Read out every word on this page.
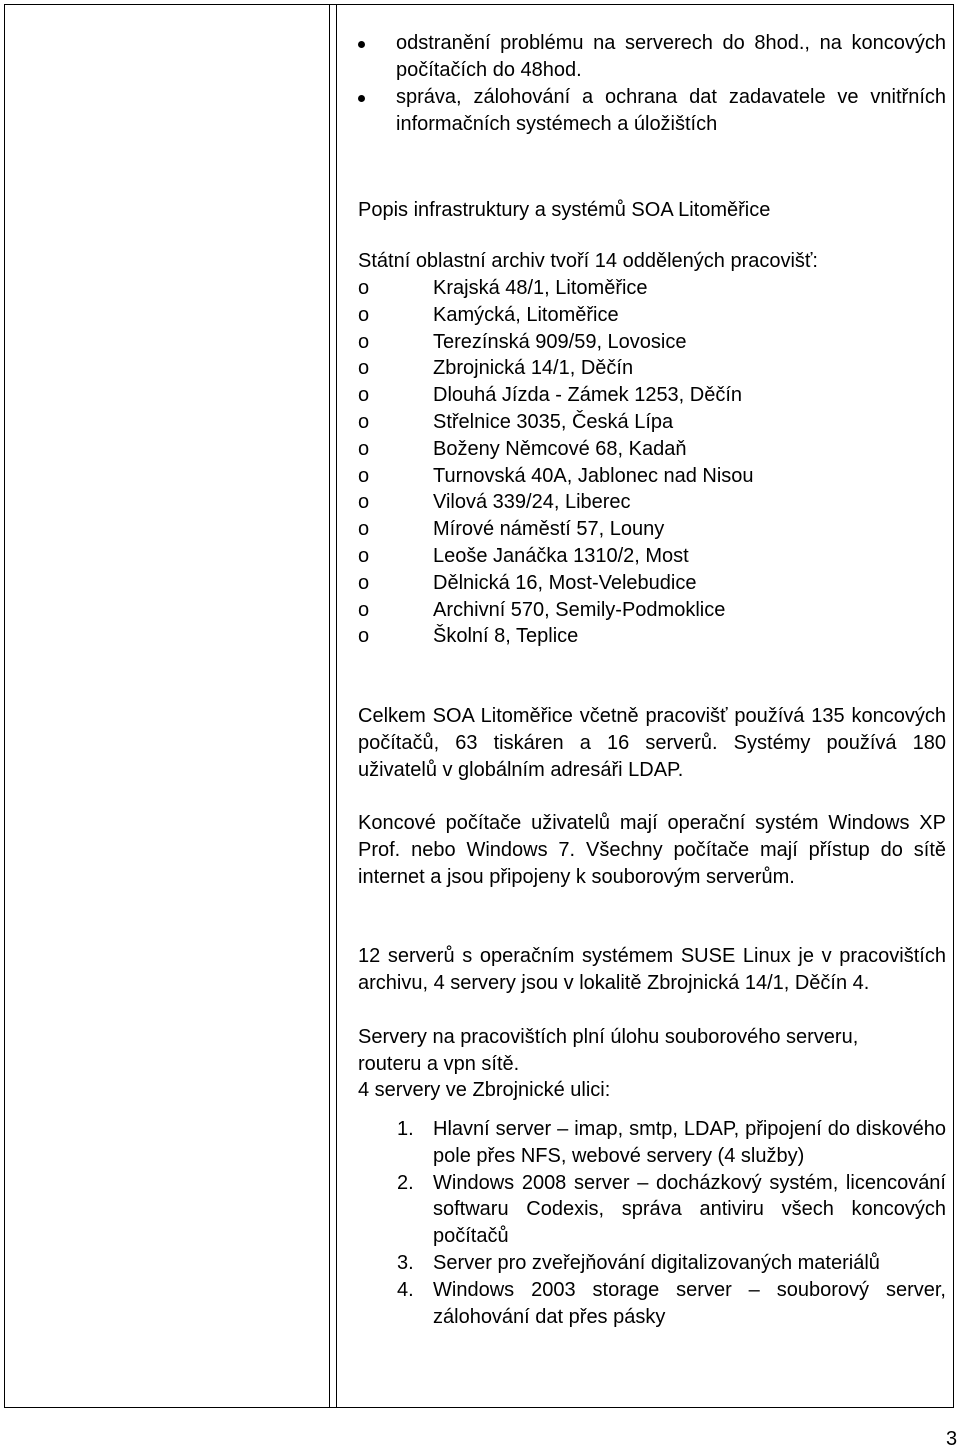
odstranění problému na serverech do 8hod., na koncových počítačích do 48hod.
správa, zálohování a ochrana dat zadavatele ve vnitřních informačních systémech a úložištích
Popis infrastruktury a systémů SOA Litoměřice
Státní oblastní archiv tvoří 14 oddělených pracovišť:
o	Krajská 48/1, Litoměřice
o	Kamýcká, Litoměřice
o	Terezínská 909/59, Lovosice
o	Zbrojnická 14/1, Děčín
o	Dlouhá Jízda - Zámek 1253, Děčín
o	Střelnice 3035, Česká Lípa
o	Boženy Němcové 68, Kadaň
o	Turnovská 40A, Jablonec nad Nisou
o	Vilová 339/24, Liberec
o	Mírové náměstí 57, Louny
o	Leoše Janáčka 1310/2, Most
o	Dělnická 16, Most-Velebudice
o	Archivní 570, Semily-Podmoklice
o	Školní 8, Teplice
Celkem SOA Litoměřice včetně pracovišť používá 135 koncových počítačů, 63 tiskáren a 16 serverů. Systémy používá 180 uživatelů v globálním adresáři LDAP.
Koncové počítače uživatelů mají operační systém Windows XP Prof. nebo Windows 7. Všechny počítače mají přístup do sítě internet a jsou připojeny k souborovým serverům.
12 serverů s operačním systémem SUSE Linux je v pracovištích archivu, 4 servery jsou v lokalitě Zbrojnická 14/1, Děčín 4.
Servery na pracovištích plní úlohu souborového serveru,
routeru a vpn sítě.
4 servery ve Zbrojnické ulici:
1. Hlavní server – imap, smtp, LDAP, připojení do diskového pole přes NFS, webové servery (4 služby)
2. Windows 2008 server – docházkový systém, licencování softwaru Codexis, správa antiviru všech koncových počítačů
3. Server pro zveřejňování digitalizovaných materiálů
4. Windows 2003 storage server – souborový server, zálohování dat přes pásky
3
